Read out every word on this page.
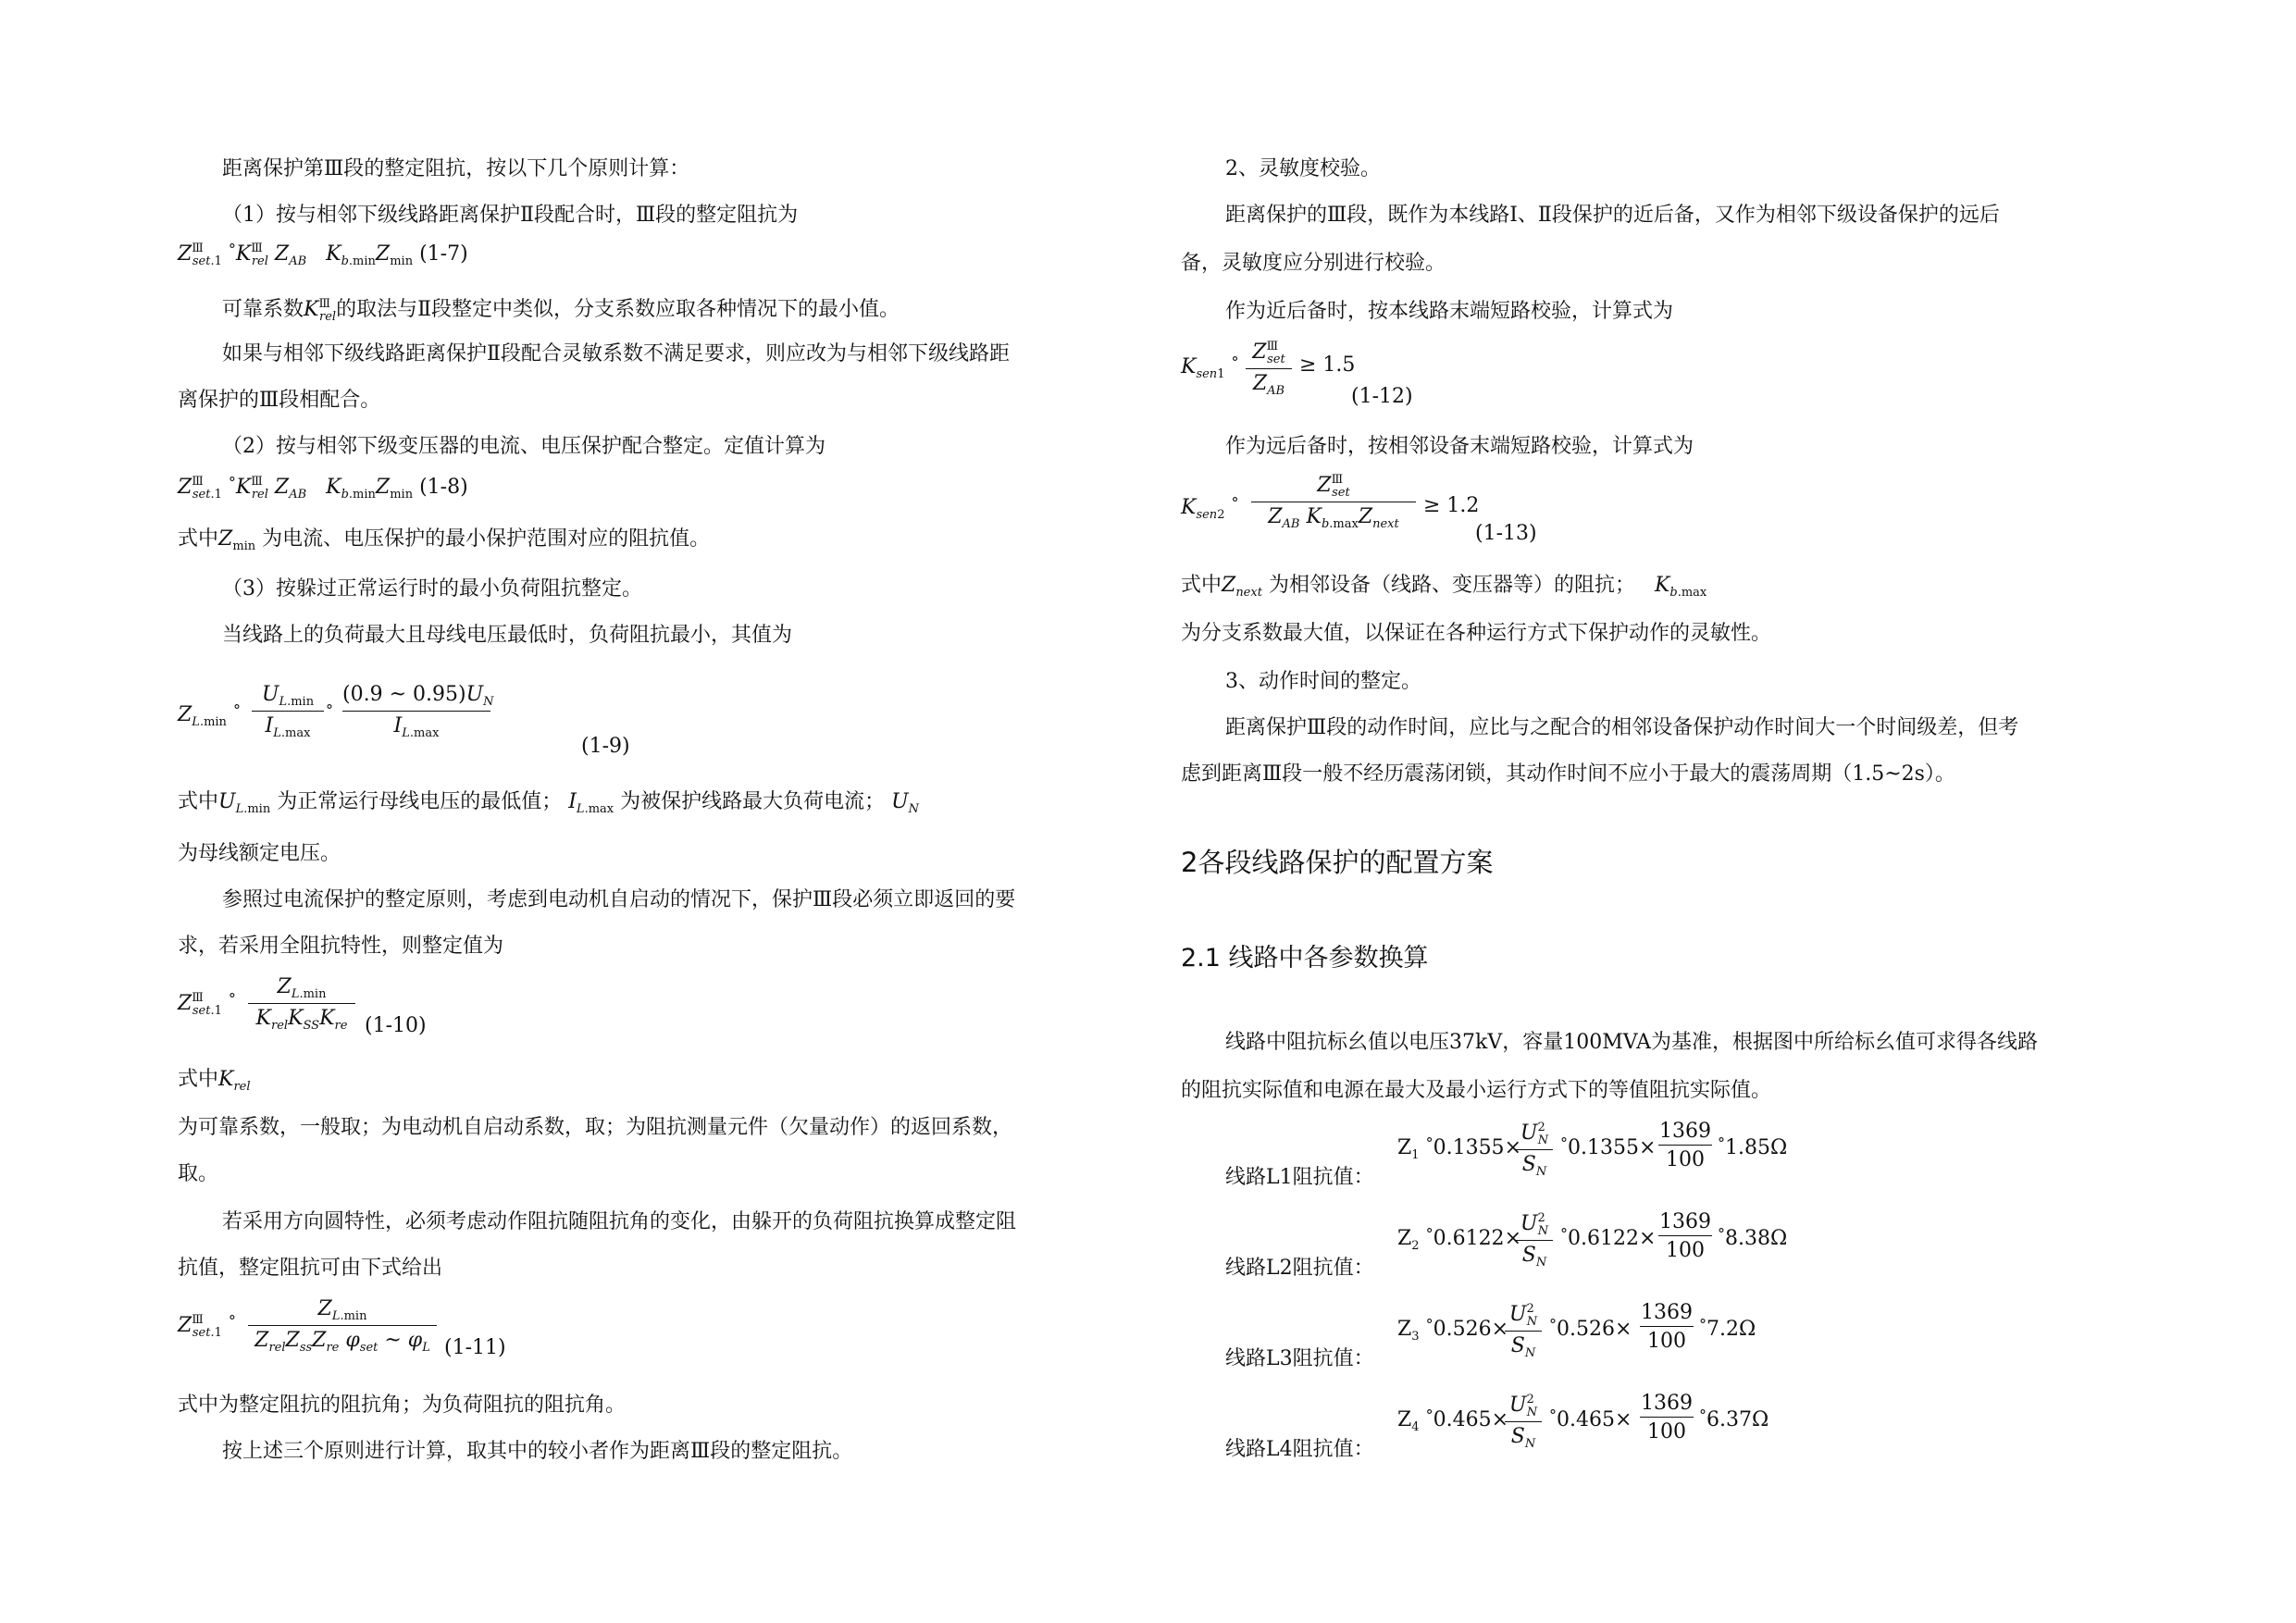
距离保护第Ⅲ段的整定阻抗，按以下几个原则计算：
（1）按与相邻下级线路距离保护Ⅱ段配合时，Ⅲ段的整定阻抗为
$Z^Ⅲ_{set.1}$ $^\circ K^Ⅲ_{rel}$ $Z_{AB}$ $K_{b.min}Z_{min}$ (1-7)
可靠系数$K^Ⅲ_{rel}$的取法与Ⅱ段整定中类似，分支系数应取各种情况下的最小值。
如果与相邻下级线路距离保护Ⅱ段配合灵敏系数不满足要求，则应改为与相邻下级线路距
离保护的Ⅲ段相配合。
（2）按与相邻下级变压器的电流、电压保护配合整定。定值计算为
$Z^Ⅲ_{set.1}$ $^\circ K^Ⅲ_{rel}$ $Z_{AB}$ $K_{b.min}Z_{min}$ (1-8)
式中$Z_{min}$ 为电流、电压保护的最小保护范围对应的阻抗值。
（3）按躲过正常运行时的最小负荷阻抗整定。
当线路上的负荷最大且母线电压最低时，负荷阻抗最小，其值为
$Z_{L.min}$ °
$U_{L.min}$
$I_{L.max}$
°
(0.9 ~ $0.95)U_N$
$I_{L.max}$
(1-9)
式中$U_{L.min}$ 为正常运行母线电压的最低值； $I_{L.max}$ 为被保护线路最大负荷电流； $U_N$
为母线额定电压。
参照过电流保护的整定原则，考虑到电动机自启动的情况下，保护Ⅲ段必须立即返回的要
求，若采用全阻抗特性，则整定值为
$Z^Ⅲ_{set.1}$ °
$Z_{L.min}$
$K_{rel}K_{SS}K_{re}$ (1-10)
式中$K_{rel}$
为可靠系数，一般取；为电动机自启动系数，取；为阻抗测量元件（欠量动作）的返回系数，
取。
若采用方向圆特性，必须考虑动作阻抗随阻抗角的变化，由躲开的负荷阻抗换算成整定阻
抗值，整定阻抗可由下式给出
$Z^Ⅲ_{set.1}$ °
$Z_{L.min}$
$Z_{rel}Z_{ss}Z_{re}$ $\varphi_{set}$ ~ $\varphi_L$ (1-11)
式中为整定阻抗的阻抗角；为负荷阻抗的阻抗角。
按上述三个原则进行计算，取其中的较小者作为距离Ⅲ段的整定阻抗。
2、灵敏度校验。
距离保护的Ⅲ段，既作为本线路Ⅰ、Ⅱ段保护的近后备，又作为相邻下级设备保护的远后
备，灵敏度应分别进行校验。
作为近后备时，按本线路末端短路校验，计算式为
$K_{sen1}$ ° $Z^Ⅲ_{set}$
$Z_{AB}$
≥ 1.5
(1-12)
作为远后备时，按相邻设备末端短路校验，计算式为
$K_{sen2}$ °
$Z^Ⅲ_{set}$
$Z_{AB}$ $K_{b.max}Z_{next}$
≥ 1.2
(1-13)
式中$Z_{next}$ 为相邻设备（线路、变压器等）的阻抗； $K_{b.max}$
为分支系数最大值，以保证在各种运行方式下保护动作的灵敏性。
3、动作时间的整定。
距离保护Ⅲ段的动作时间，应比与之配合的相邻设备保护动作时间大一个时间级差，但考
虑到距离Ⅲ段一般不经历震荡闭锁，其动作时间不应小于最大的震荡周期（1.5~2s）。
2各段线路保护的配置方案
2.1 线路中各参数换算
线路中阻抗标幺值以电压37kV，容量100MVA为基准，根据图中所给标幺值可求得各线路
的阻抗实际值和电源在最大及最小运行方式下的等值阻抗实际值。
线路L1阻抗值：
$Z_1$ °0.1355×
$U^2_N$
$S_N$
$^\circ 0.1355\times \frac{1369}{100} ^\circ 1.85\Omega$
线路L2阻抗值：
$Z_2$ °0.6122×
$U^2_N$
$S_N$
$^\circ 0.6122\times \frac{1369}{100} ^\circ 8.38\Omega$
线路L3阻抗值：
$Z_3$ °0.526×
$U^2_N$
$S_N$
$^\circ 0.526\times \frac{1369}{100} ^\circ 7.2\Omega$
线路L4阻抗值：
$Z_4$ °0.465×
$U^2_N$
$S_N$
$^\circ 0.465\times \frac{1369}{100} ^\circ 6.37\Omega$
